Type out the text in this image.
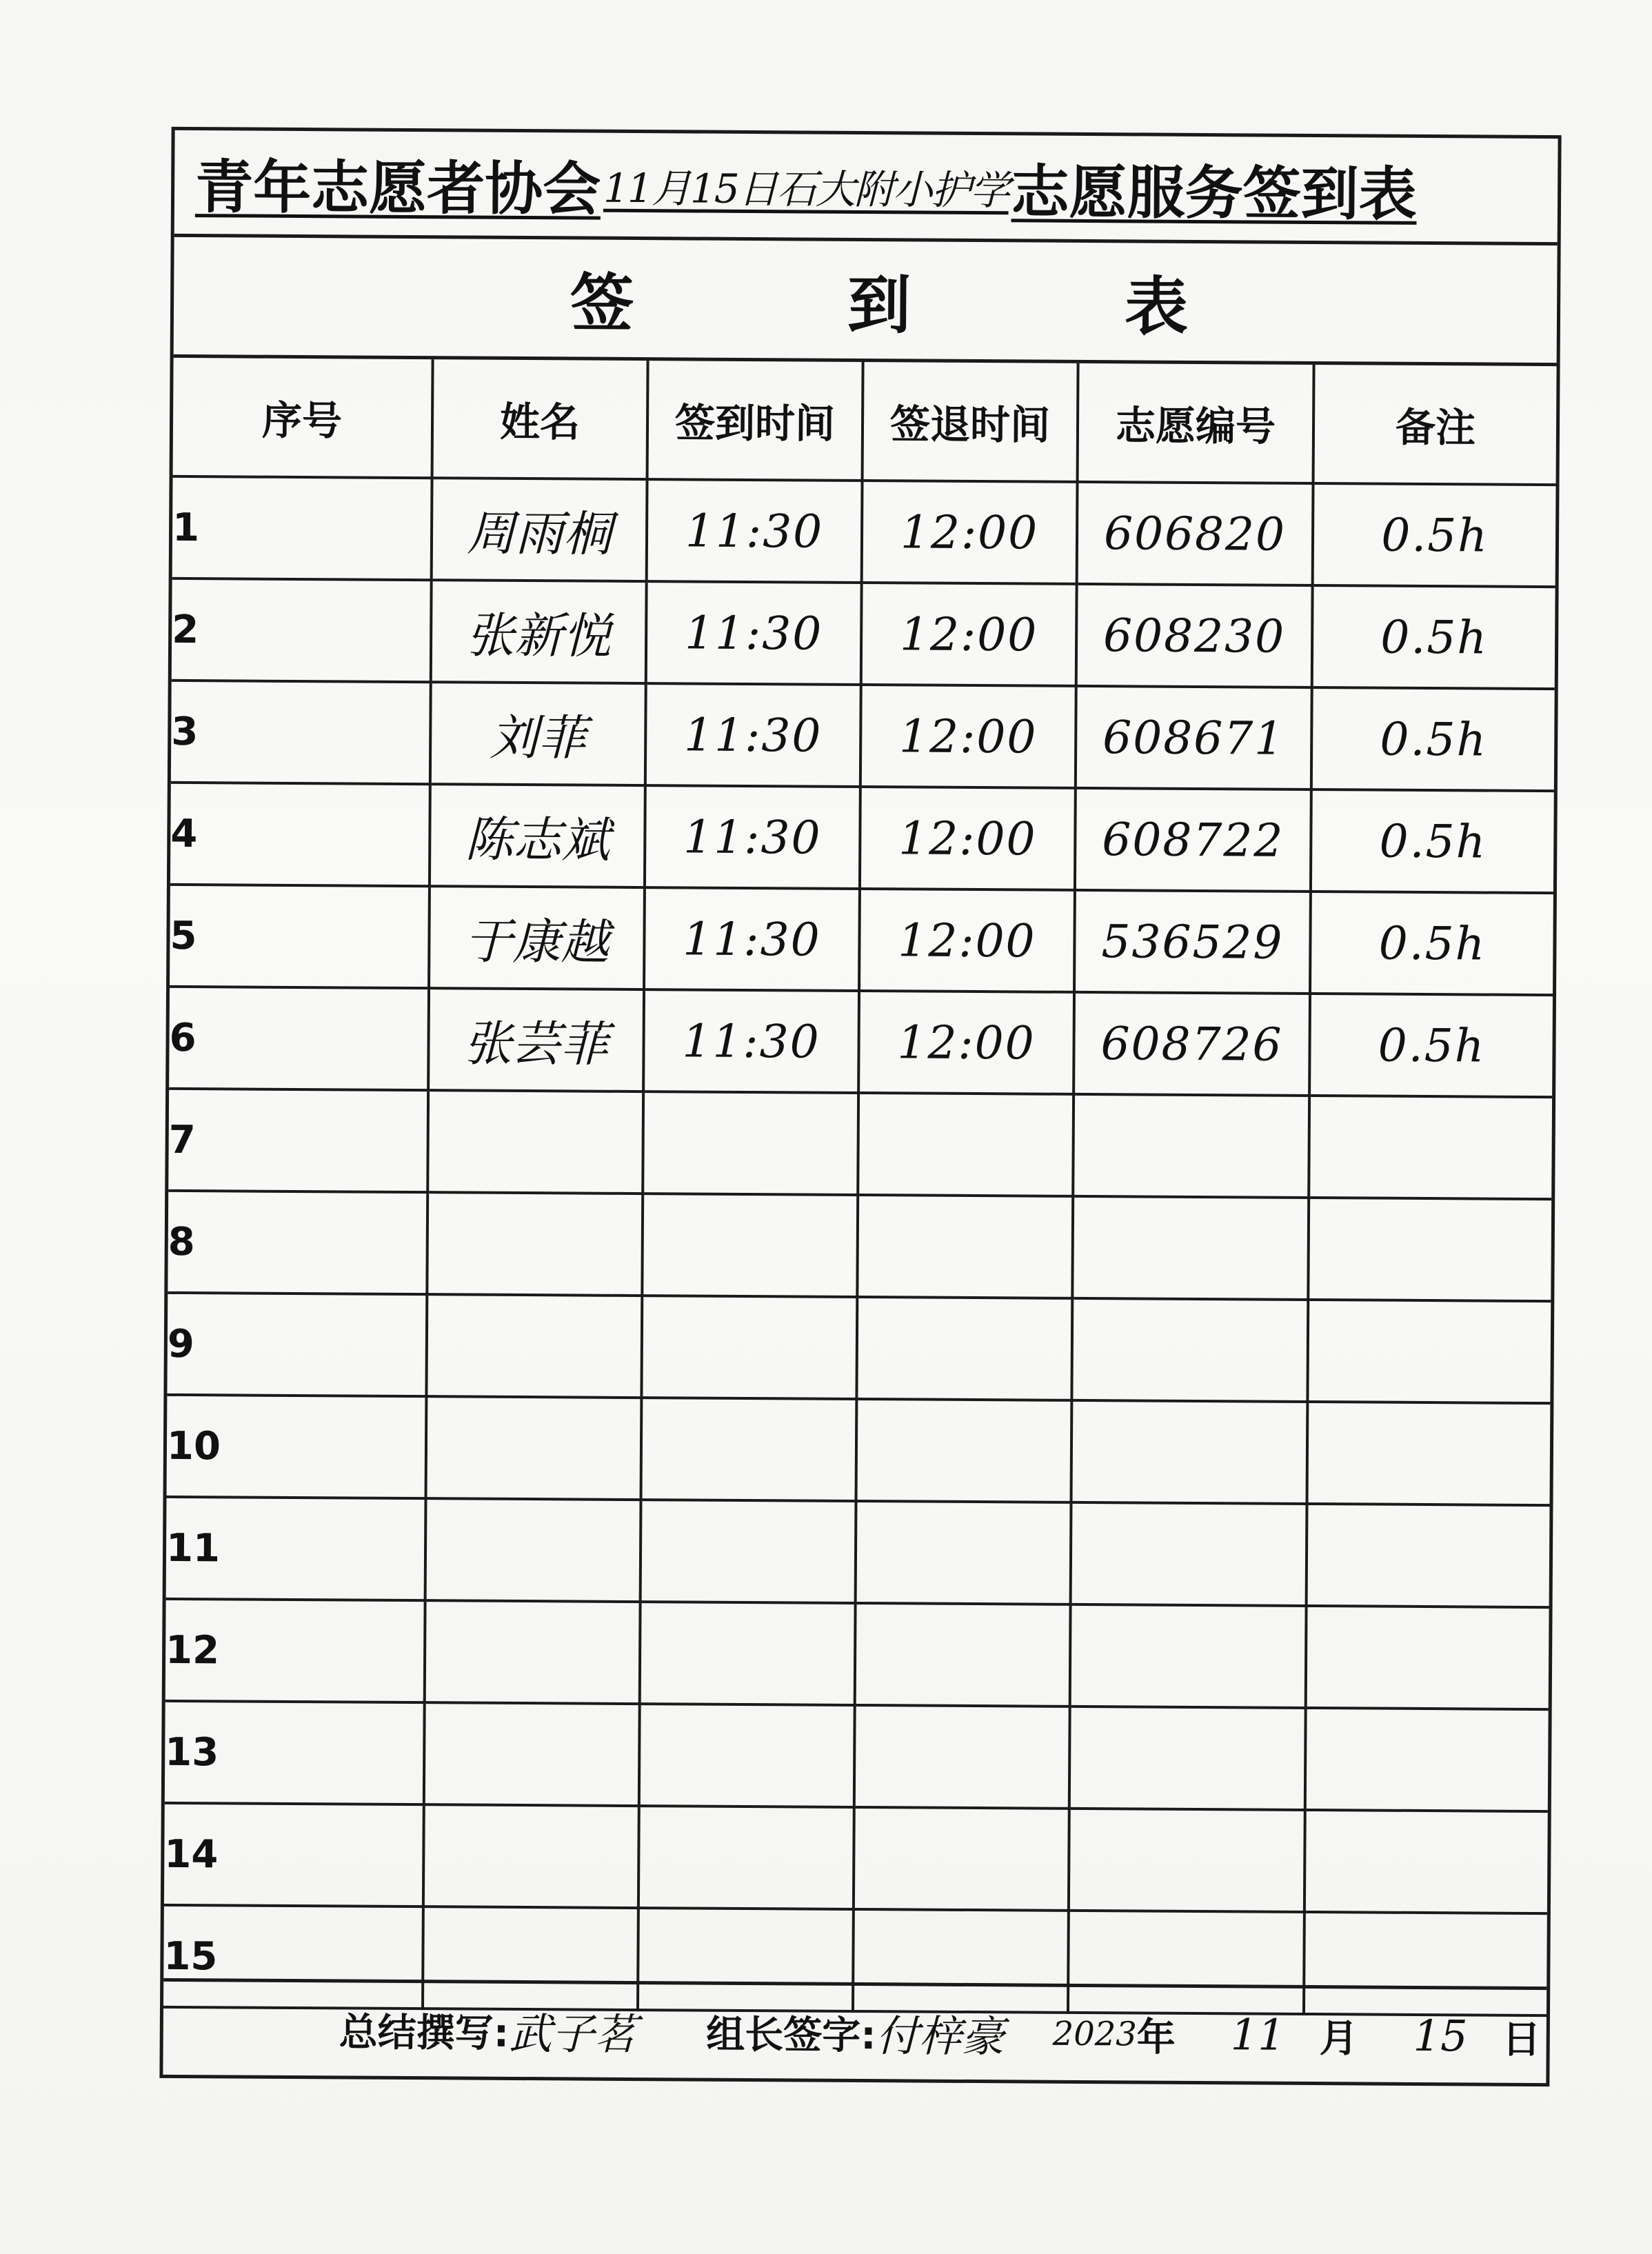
青年志愿者协会 11月15日石大附小护学 志愿服务签到表
签	到	表
序号	姓名	签到时间	签退时间	志愿编号	备注
1	周雨桐	11:30	12:00	606820	0.5h
2	张新悦	11:30	12:00	608230	0.5h
3	刘菲	11:30	12:00	608671	0.5h
4	陈志斌	11:30	12:00	608722	0.5h
5	于康越	11:30	12:00	536529	0.5h
6	张芸菲	11:30	12:00	608726	0.5h
7					
8					
9					
10					
11					
12					
13					
14					
15					
总结撰写: 武子茗 组长签字: 付梓豪 2023 年 11 月 15 日
